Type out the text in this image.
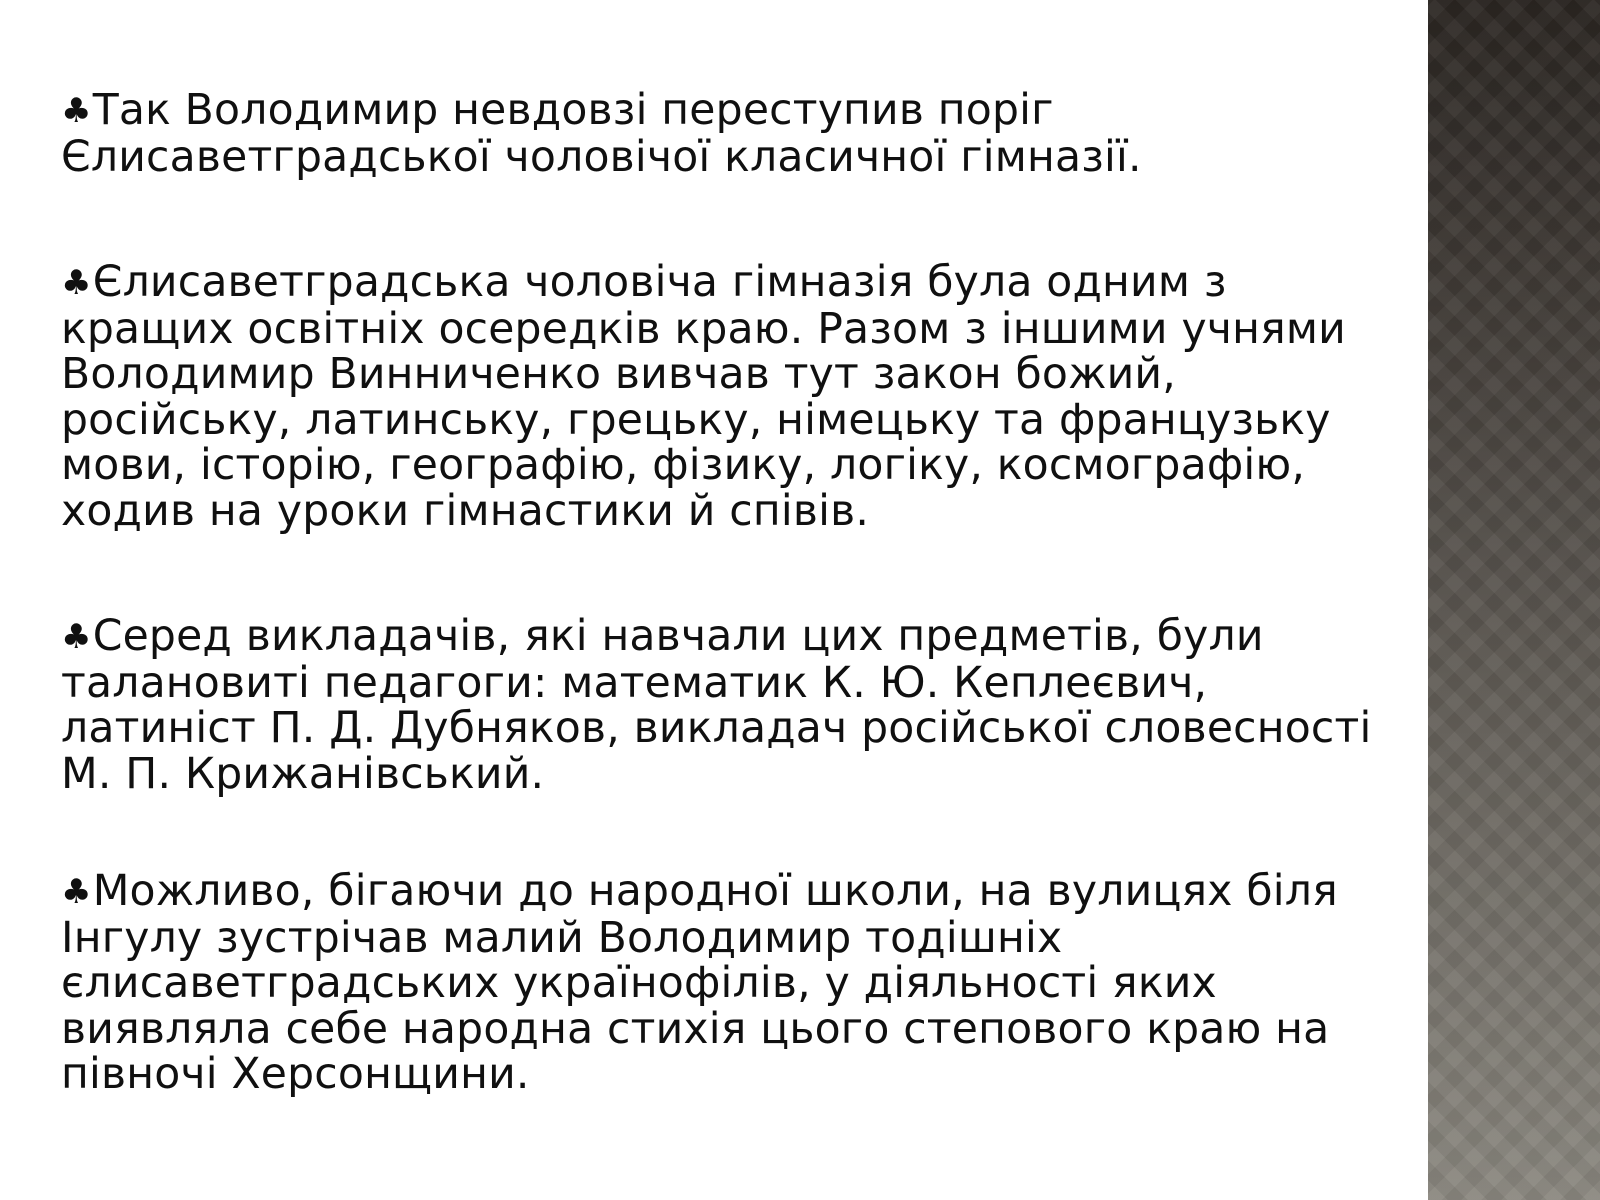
♣Так Володимир невдовзі переступив поріг Єлисаветградської чоловічої класичної гімназії.

♣Єлисаветградська чоловіча гімназія була одним з кращих освітніх осередків краю. Разом з іншими учнями Володимир Винниченко вивчав тут закон божий, російську, латинську, грецьку, німецьку та французьку мови, історію, географію, фізику, логіку, космографію, ходив на уроки гімнастики й співів.

♣Серед викладачів, які навчали цих предметів, були талановиті педагоги: математик К. Ю. Кеплеєвич, латиніст П. Д. Дубняков, викладач російської словесності М. П. Крижанівський.

♣Можливо, бігаючи до народної школи, на вулицях біля Інгулу зустрічав малий Володимир тодішніх єлисаветградських українофілів, у діяльності яких виявляла себе народна стихія цього степового краю на півночі Херсонщини.
